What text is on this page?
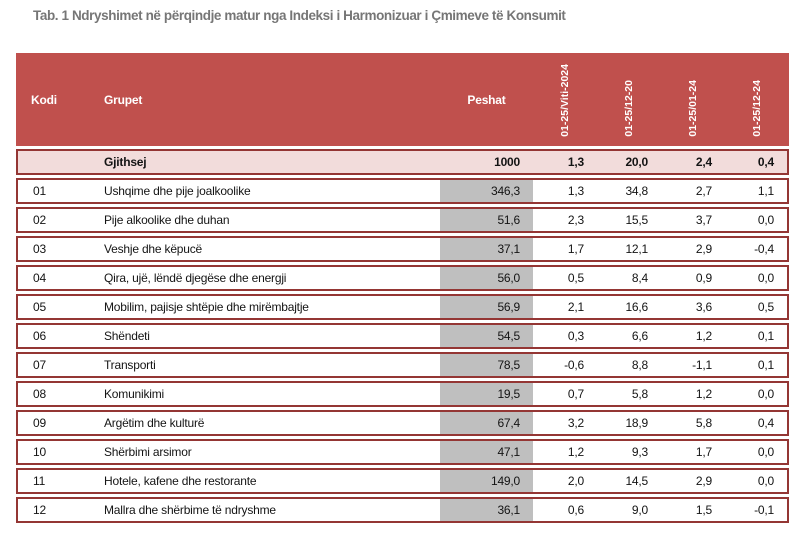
Tab. 1 Ndryshimet në përqindje matur nga Indeksi i Harmonizuar i Çmimeve të Konsumit
Kodi	Grupet	Peshat	01-25/Viti-2024	01-25/12-20	01-25/01-24	01-25/12-24
	Gjithsej	1000	1,3	20,0	2,4	0,4
01	Ushqime dhe pije joalkoolike	346,3	1,3	34,8	2,7	1,1
02	Pije alkoolike dhe duhan	51,6	2,3	15,5	3,7	0,0
03	Veshje dhe këpucë	37,1	1,7	12,1	2,9	-0,4
04	Qira, ujë, lëndë djegëse dhe energji	56,0	0,5	8,4	0,9	0,0
05	Mobilim, pajisje shtëpie dhe mirëmbajtje	56,9	2,1	16,6	3,6	0,5
06	Shëndeti	54,5	0,3	6,6	1,2	0,1
07	Transporti	78,5	-0,6	8,8	-1,1	0,1
08	Komunikimi	19,5	0,7	5,8	1,2	0,0
09	Argëtim dhe kulturë	67,4	3,2	18,9	5,8	0,4
10	Shërbimi arsimor	47,1	1,2	9,3	1,7	0,0
11	Hotele, kafene dhe restorante	149,0	2,0	14,5	2,9	0,0
12	Mallra dhe shërbime të ndryshme	36,1	0,6	9,0	1,5	-0,1
